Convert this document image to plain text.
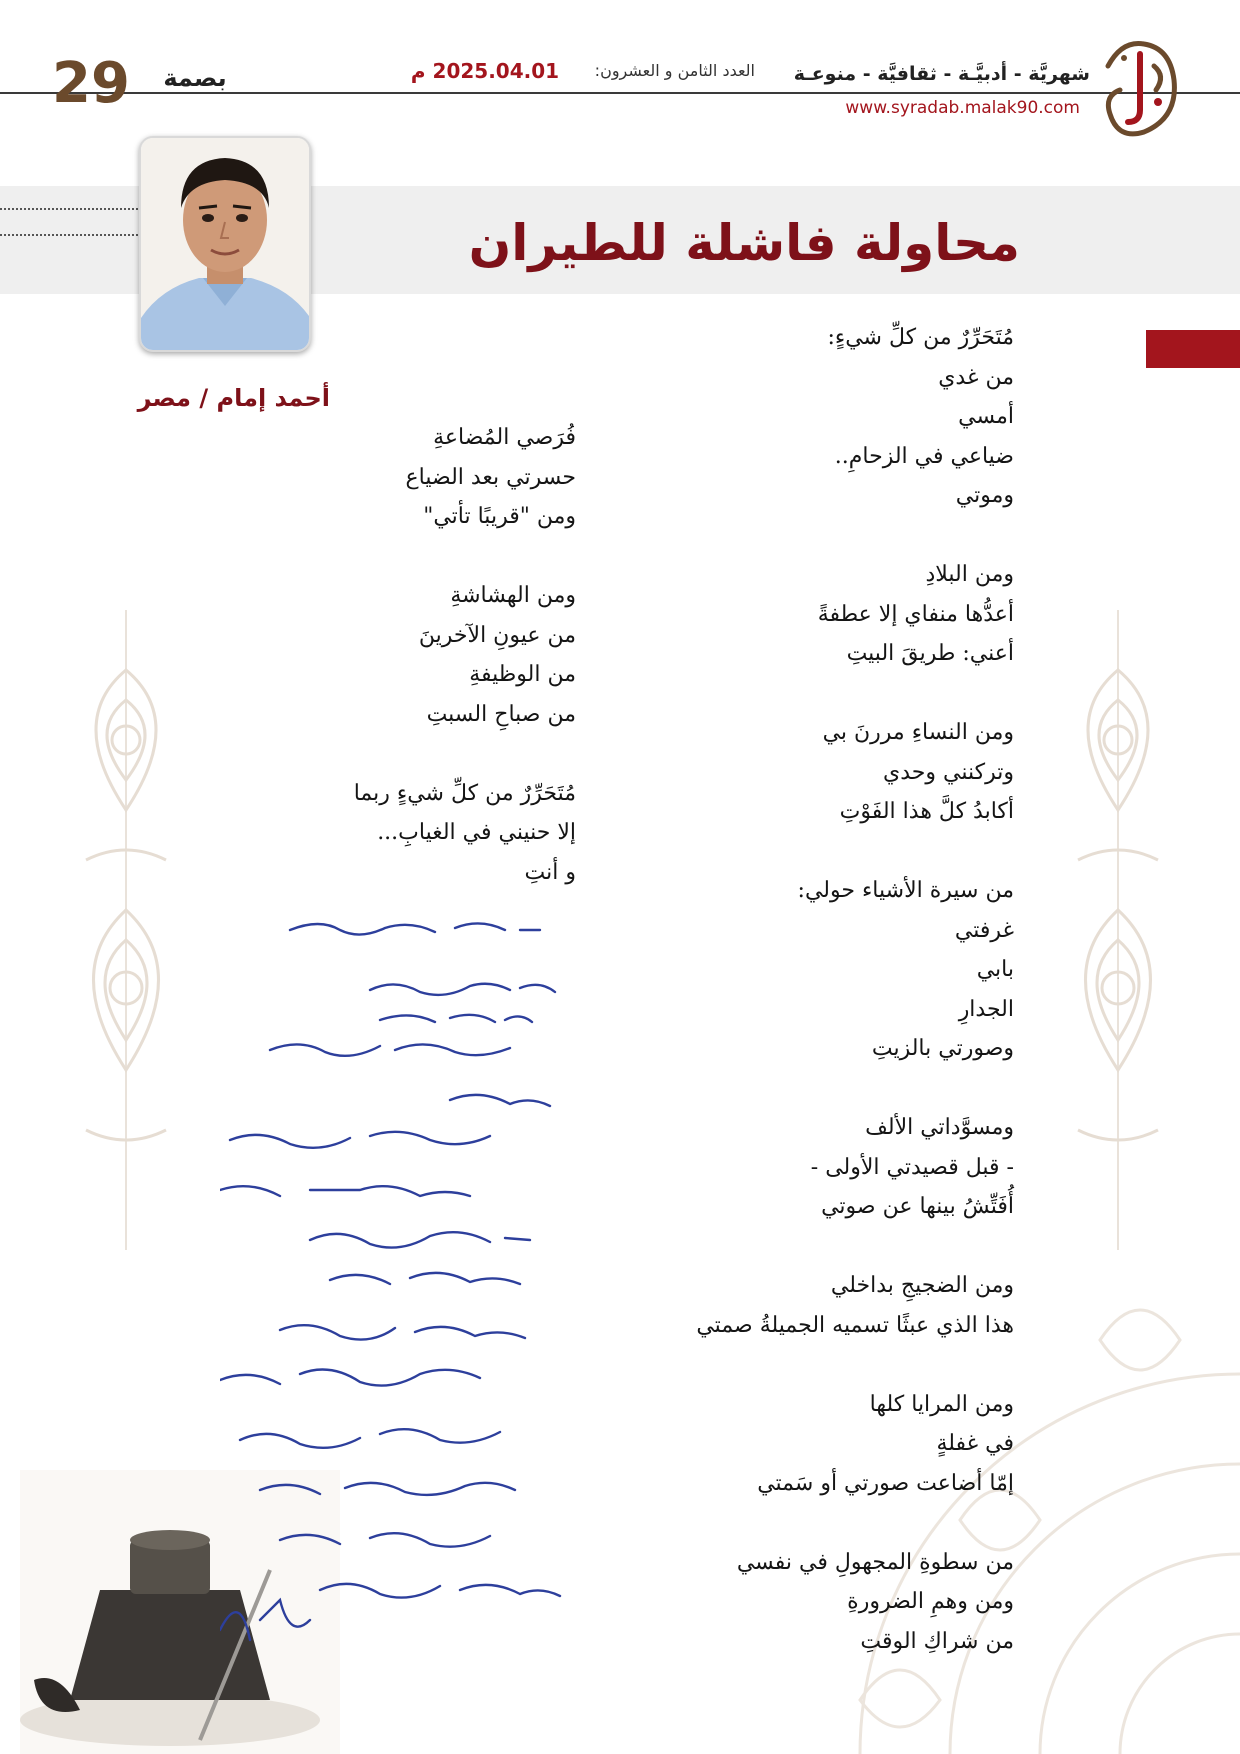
29	بصمة	2025.04.01 م	العدد الثامن و العشرون: شهريَّة - أدبيَّـة - ثقافيَّة - منوعـة
www.syradab.malak90.com
محاولة فاشلة للطيران
أحمد إمام / مصر
مُتَحَرِّرٌ من كلِّ شيءٍ:
من غدي
أمسي
ضياعي في الزحامِ..
وموتي
ومن البلادِ
أعدُّها منفاي إلا عطفةً
أعني: طريقَ البيتِ
ومن النساءِ مررنَ بي
وتركنني وحدي
أكابدُ كلَّ هذا الفَوْتِ
من سيرة الأشياء حولي:
غرفتي
بابي
الجدارِ
وصورتي بالزيتِ
ومسوَّداتي الألف
- قبل قصيدتي الأولى -
أُفَتِّشُ بينها عن صوتي
ومن الضجيجِ بداخلي
هذا الذي عبثًا تسميه الجميلةُ صمتي
ومن المرايا كلها
في غفلةٍ
إمّا أضاعت صورتي أو سَمتي
من سطوةِ المجهولِ في نفسي
ومن وهمِ الضرورةِ
من شراكِ الوقتِ
فُرَصي المُضاعةِ
حسرتي بعد الضياع
ومن "قريبًا تأتي"
ومن الهشاشةِ
من عيونِ الآخرينَ
من الوظيفةِ
من صباحِ السبتِ
مُتَحَرِّرٌ من كلِّ شيءٍ ربما
إلا حنيني في الغيابِ...
و أنتِ
